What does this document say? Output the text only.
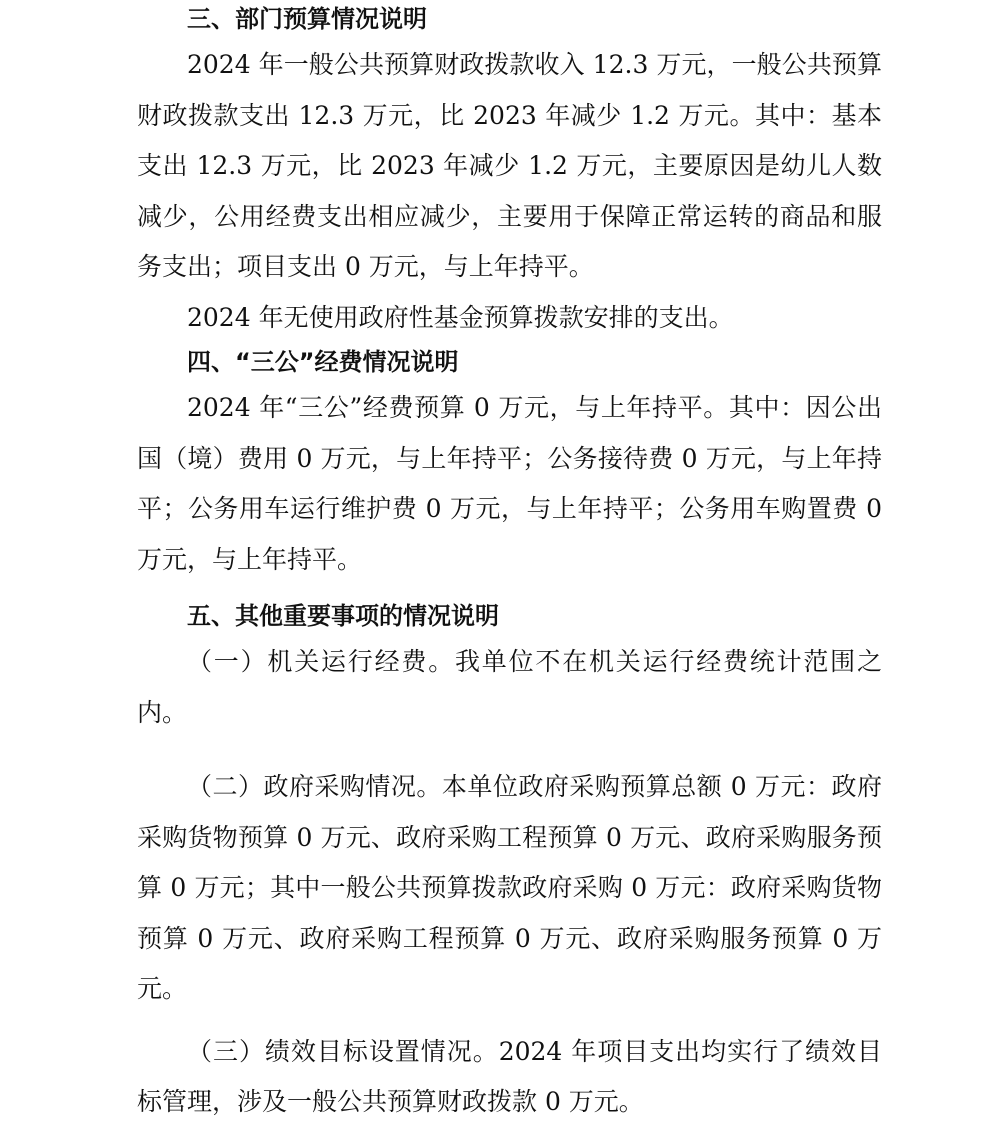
三、部门预算情况说明

2024 年一般公共预算财政拨款收入 12.3 万元，一般公共预算财政拨款支出 12.3 万元，比 2023 年减少 1.2 万元。其中：基本支出 12.3 万元，比 2023 年减少 1.2 万元，主要原因是幼儿人数减少，公用经费支出相应减少，主要用于保障正常运转的商品和服务支出；项目支出 0 万元，与上年持平。

2024 年无使用政府性基金预算拨款安排的支出。

四、“三公”经费情况说明

2024 年“三公”经费预算 0 万元，与上年持平。其中：因公出国（境）费用 0 万元，与上年持平；公务接待费 0 万元，与上年持平；公务用车运行维护费 0 万元，与上年持平；公务用车购置费 0 万元，与上年持平。

五、其他重要事项的情况说明

（一）机关运行经费。我单位不在机关运行经费统计范围之内。

（二）政府采购情况。本单位政府采购预算总额 0 万元：政府采购货物预算 0 万元、政府采购工程预算 0 万元、政府采购服务预算 0 万元；其中一般公共预算拨款政府采购 0 万元：政府采购货物预算 0 万元、政府采购工程预算 0 万元、政府采购服务预算 0 万元。

（三）绩效目标设置情况。2024 年项目支出均实行了绩效目标管理，涉及一般公共预算财政拨款 0 万元。
